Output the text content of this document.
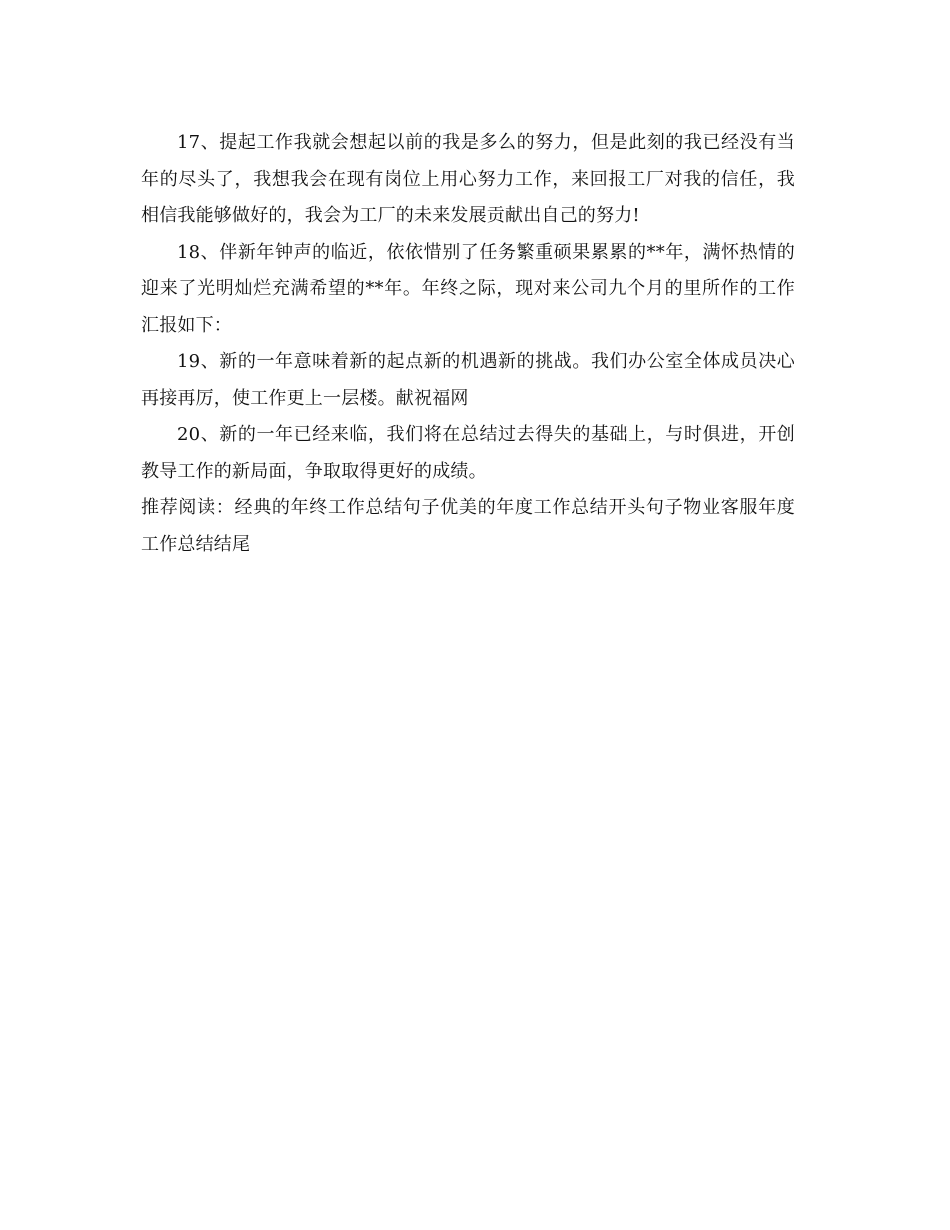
17、提起工作我就会想起以前的我是多么的努力，但是此刻的我已经没有当年的尽头了，我想我会在现有岗位上用心努力工作，来回报工厂对我的信任，我相信我能够做好的，我会为工厂的未来发展贡献出自己的努力!

18、伴新年钟声的临近，依依惜别了任务繁重硕果累累的**年，满怀热情的迎来了光明灿烂充满希望的**年。年终之际，现对来公司九个月的里所作的工作汇报如下：

19、新的一年意味着新的起点新的机遇新的挑战。我们办公室全体成员决心再接再厉，使工作更上一层楼。献祝福网

20、新的一年已经来临，我们将在总结过去得失的基础上，与时俱进，开创教导工作的新局面，争取取得更好的成绩。

推荐阅读：经典的年终工作总结句子优美的年度工作总结开头句子物业客服年度工作总结结尾
